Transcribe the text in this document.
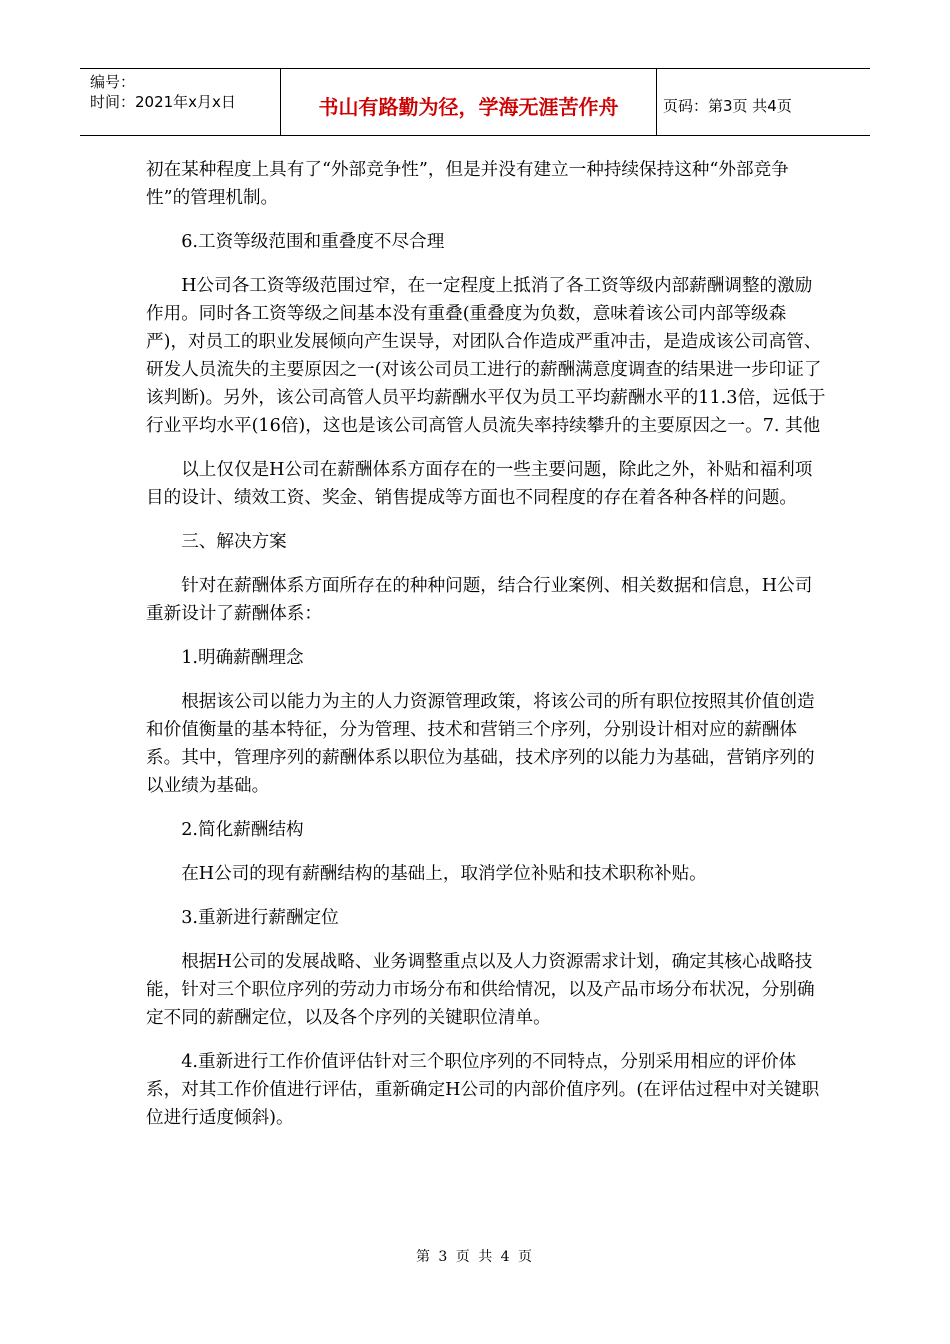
编号：
时间：2021年x月x日	书山有路勤为径，学海无涯苦作舟	页码：第3页 共4页

初在某种程度上具有了“外部竞争性”，但是并没有建立一种持续保持这种“外部竞争性”的管理机制。

6.工资等级范围和重叠度不尽合理

H公司各工资等级范围过窄，在一定程度上抵消了各工资等级内部薪酬调整的激励作用。同时各工资等级之间基本没有重叠(重叠度为负数，意味着该公司内部等级森严)，对员工的职业发展倾向产生误导，对团队合作造成严重冲击，是造成该公司高管、研发人员流失的主要原因之一(对该公司员工进行的薪酬满意度调查的结果进一步印证了该判断)。另外，该公司高管人员平均薪酬水平仅为员工平均薪酬水平的11.3倍，远低于行业平均水平(16倍)，这也是该公司高管人员流失率持续攀升的主要原因之一。7. 其他

以上仅仅是H公司在薪酬体系方面存在的一些主要问题，除此之外，补贴和福利项目的设计、绩效工资、奖金、销售提成等方面也不同程度的存在着各种各样的问题。

三、解决方案

针对在薪酬体系方面所存在的种种问题，结合行业案例、相关数据和信息，H公司重新设计了薪酬体系：

1.明确薪酬理念

根据该公司以能力为主的人力资源管理政策，将该公司的所有职位按照其价值创造和价值衡量的基本特征，分为管理、技术和营销三个序列，分别设计相对应的薪酬体系。其中，管理序列的薪酬体系以职位为基础，技术序列的以能力为基础，营销序列的以业绩为基础。

2.简化薪酬结构

在H公司的现有薪酬结构的基础上，取消学位补贴和技术职称补贴。

3.重新进行薪酬定位

根据H公司的发展战略、业务调整重点以及人力资源需求计划，确定其核心战略技能，针对三个职位序列的劳动力市场分布和供给情况，以及产品市场分布状况，分别确定不同的薪酬定位，以及各个序列的关键职位清单。

4.重新进行工作价值评估针对三个职位序列的不同特点，分别采用相应的评价体系，对其工作价值进行评估，重新确定H公司的内部价值序列。(在评估过程中对关键职位进行适度倾斜)。

第 3 页 共 4 页
